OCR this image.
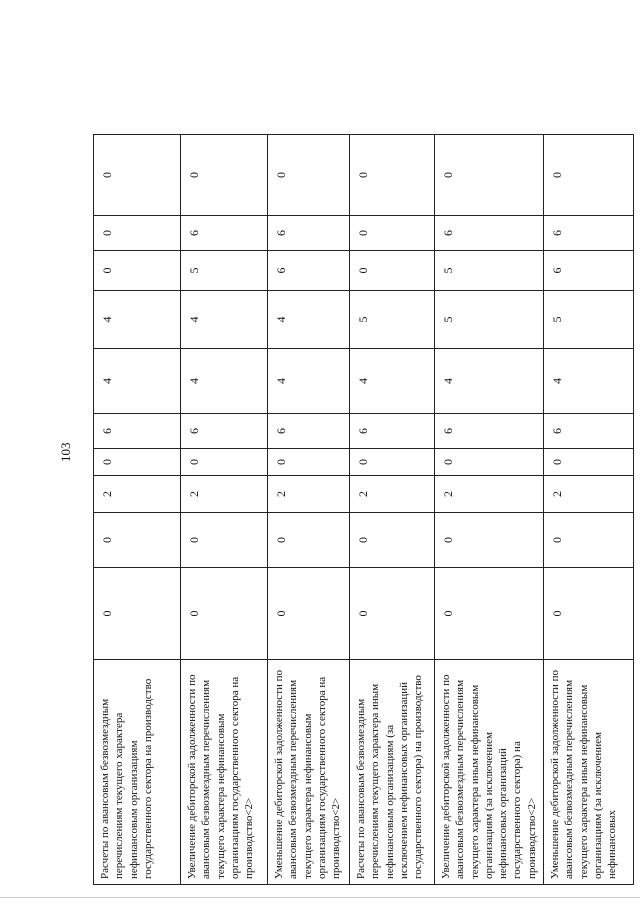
103
Расчеты по авансовым безвозмездным перечислениям текущего характера нефинансовым организациям государственного сектора на производство	0	0	2	0	6	4	4	0	0	0
Увеличение дебиторской задолженности по авансовым безвозмездным перечислениям текущего характера нефинансовым организациям государственного сектора на производство<2>	0	0	2	0	6	4	4	5	6	0
Уменьшение дебиторской задолженности по авансовым безвозмездным перечислениям текущего характера нефинансовым организациям государственного сектора на производство<2>	0	0	2	0	6	4	4	6	6	0
Расчеты по авансовым безвозмездным перечислениям текущего характера иным нефинансовым организациям (за исключением нефинансовых организаций государственного сектора) на производство	0	0	2	0	6	4	5	0	0	0
Увеличение дебиторской задолженности по авансовым безвозмездным перечислениям текущего характера иным нефинансовым организациям (за исключением нефинансовых организаций государственного сектора) на производство<2>	0	0	2	0	6	4	5	5	6	0
Уменьшение дебиторской задолженности по авансовым безвозмездным перечислениям текущего характера иным нефинансовым организациям (за исключением нефинансовых	0	0	2	0	6	4	5	6	6	0
